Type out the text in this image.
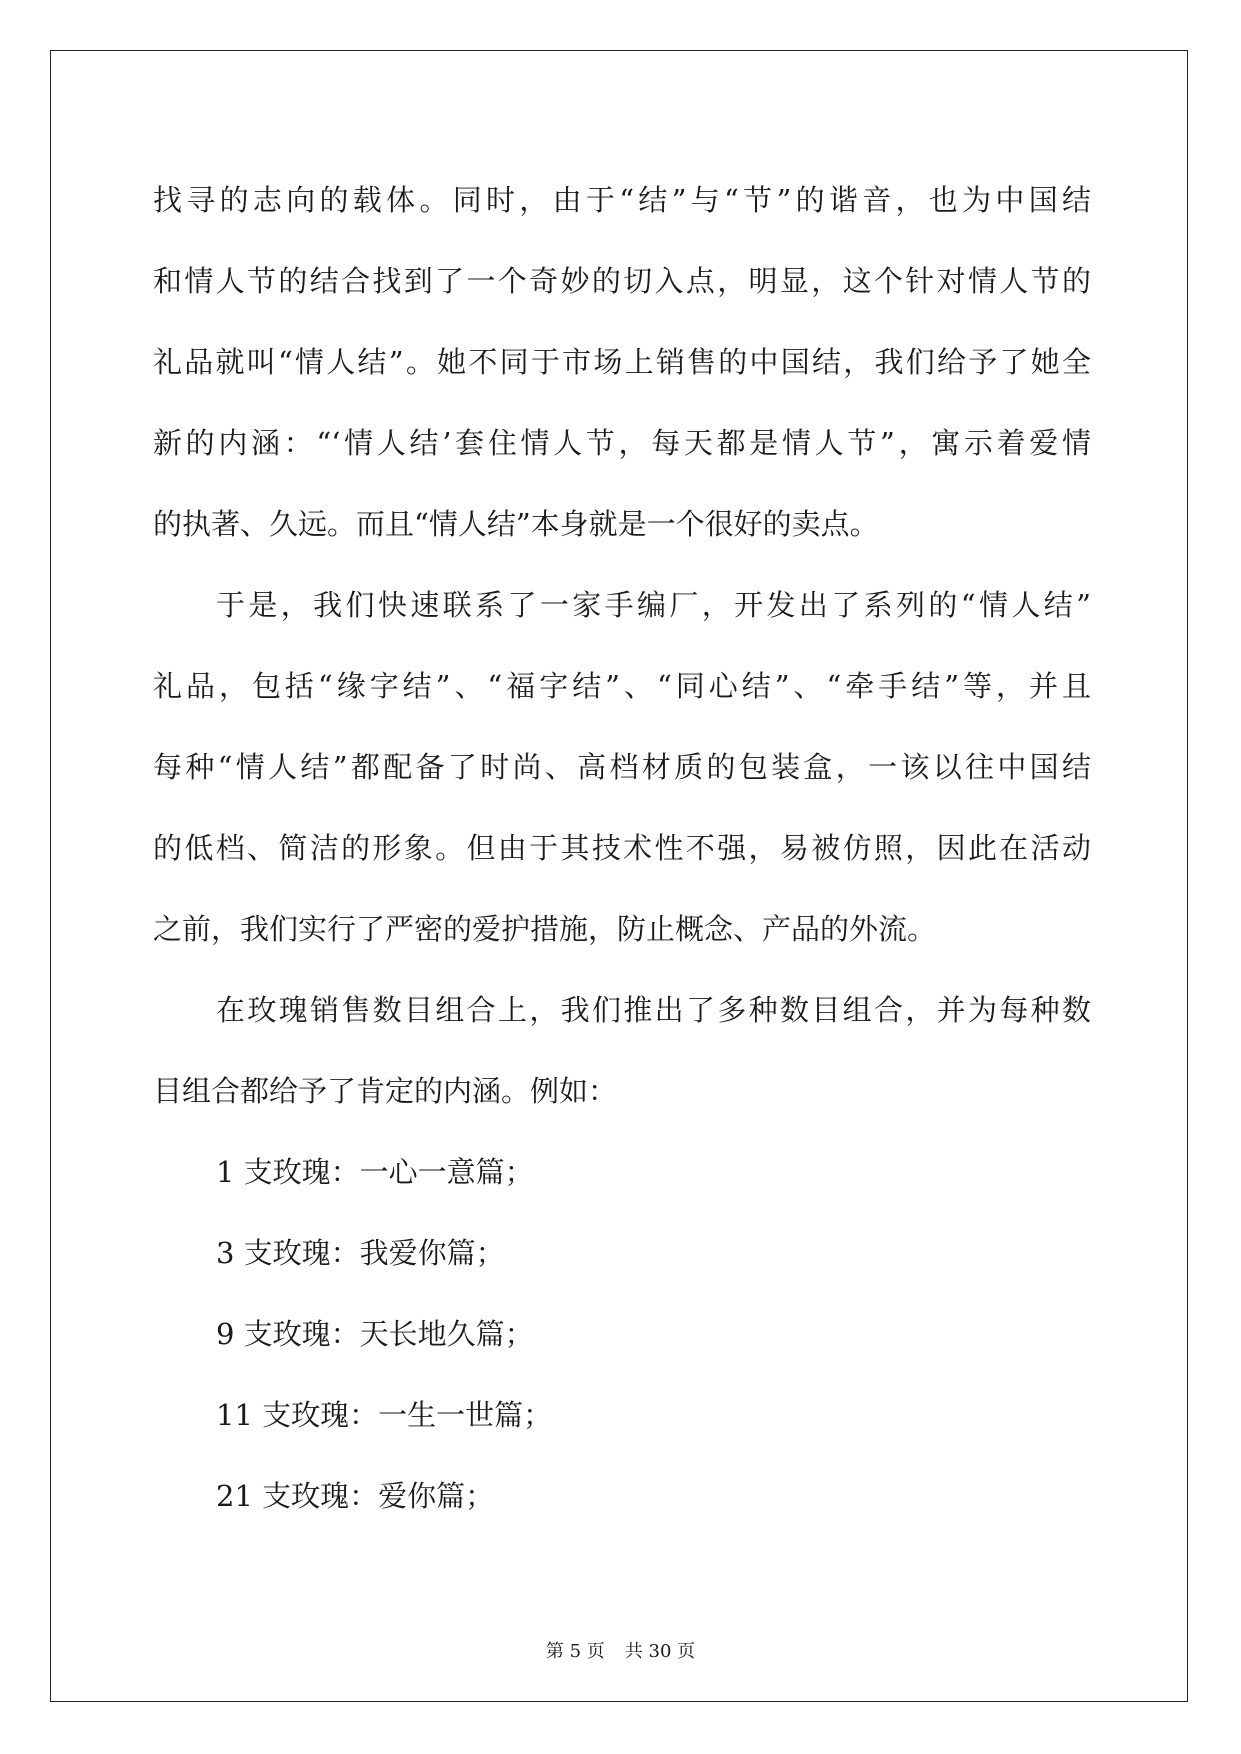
找寻的志向的载体。同时，由于“结”与“节”的谐音，也为中国结
和情人节的结合找到了一个奇妙的切入点，明显，这个针对情人节的
礼品就叫“情人结”。她不同于市场上销售的中国结，我们给予了她全
新的内涵：“‘情人结’套住情人节，每天都是情人节”，寓示着爱情
的执著、久远。而且“情人结”本身就是一个很好的卖点。
于是，我们快速联系了一家手编厂，开发出了系列的“情人结”
礼品，包括“缘字结”、“福字结”、“同心结”、“牵手结”等，并且
每种“情人结”都配备了时尚、高档材质的包装盒，一该以往中国结
的低档、简洁的形象。但由于其技术性不强，易被仿照，因此在活动
之前，我们实行了严密的爱护措施，防止概念、产品的外流。
在玫瑰销售数目组合上，我们推出了多种数目组合，并为每种数
目组合都给予了肯定的内涵。例如：
1 支玫瑰：一心一意篇；
3 支玫瑰：我爱你篇；
9 支玫瑰：天长地久篇；
11 支玫瑰：一生一世篇；
21 支玫瑰：爱你篇；
第 5 页 共 30 页
